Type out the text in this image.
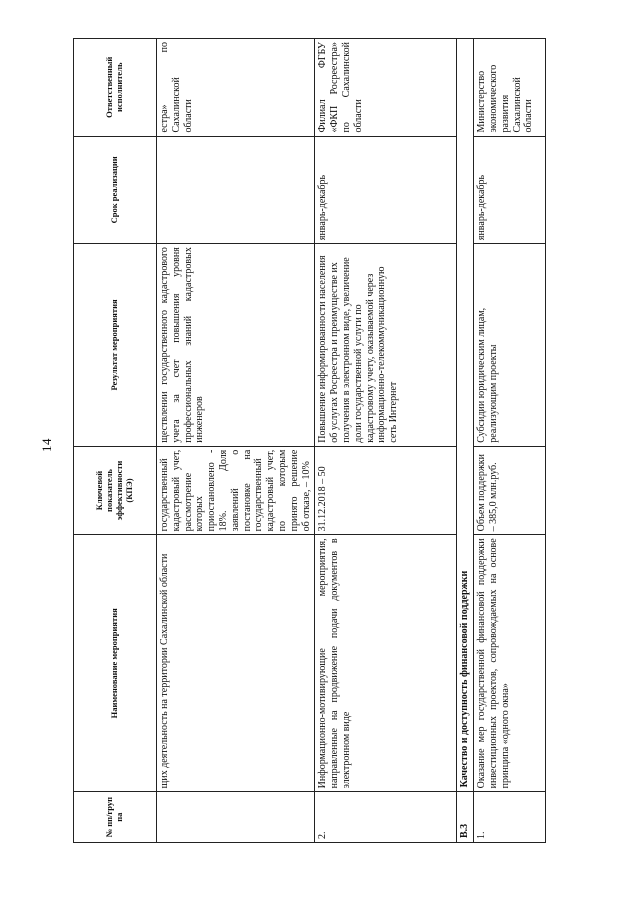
14
№ пп/груп па	Наименование мероприятия	Ключевой показатель эффективности (КПЭ)	Результат мероприятия	Срок реализации	Ответственный исполнитель
	щих деятельность на территории Сахалинской области	государственный кадастровый учет, рассмотрение которых приостановлено - 18%. Доля заявлений о постановке на государственный кадастровый учет, по которым принято решение об отказе, – 10%	ществлении государственного кадастрового учета за счет повышения уровня профессиональных знаний кадастровых инженеров		естра» по Сахалинской области
2.	Информационно-мотивирующие мероприятия, направленные на продвижение подачи документов в электронном виде	31.12.2018 – 50	Повышение информированности населения об услугах Росреестра и преимуществе их получения в электронном виде, увеличение доли государственной услуги по кадастровому учету, оказываемой через информационно-телекоммуникационную сеть Интернет	январь-декабрь	Филиал ФГБУ «ФКП Росреестра» по Сахалинской области
В.3	Качество и доступность финансовой поддержки				
1.	Оказание мер государственной финансовой поддержки инвестиционных проектов, сопровождаемых на основе принципа «одного окна»	Объем поддержки – 385,0 млн.руб.	Субсидии юридическим лицам, реализующим проекты	январь-декабрь	Министерство экономического развития Сахалинской области
